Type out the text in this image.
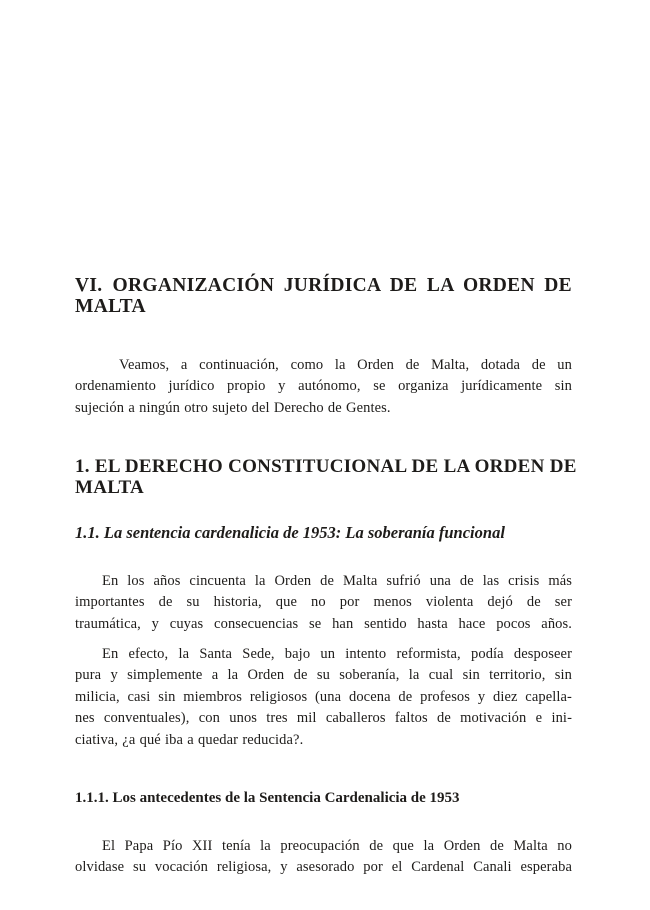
VI. ORGANIZACIÓN JURÍDICA DE LA ORDEN DE
MALTA

Veamos, a continuación, como la Orden de Malta, dotada de un
ordenamiento jurídico propio y autónomo, se organiza jurídicamente sin
sujeción a ningún otro sujeto del Derecho de Gentes.

1. EL DERECHO CONSTITUCIONAL DE LA ORDEN DE
MALTA
1.1. La sentencia cardenalicia de 1953: La soberanía funcional

En los años cincuenta la Orden de Malta sufrió una de las crisis más
importantes de su historia, que no por menos violenta dejó de ser
traumática, y cuyas consecuencias se han sentido hasta hace pocos años.

En efecto, la Santa Sede, bajo un intento reformista, podía desposeer
pura y simplemente a la Orden de su soberanía, la cual sin territorio, sin
milicia, casi sin miembros religiosos (una docena de profesos y diez capella-
nes conventuales), con unos tres mil caballeros faltos de motivación e ini-
ciativa, ¿a qué iba a quedar reducida?.

1.1.1. Los antecedentes de la Sentencia Cardenalicia de 1953

El Papa Pío XII tenía la preocupación de que la Orden de Malta no
olvidase su vocación religiosa, y asesorado por el Cardenal Canali esperaba
